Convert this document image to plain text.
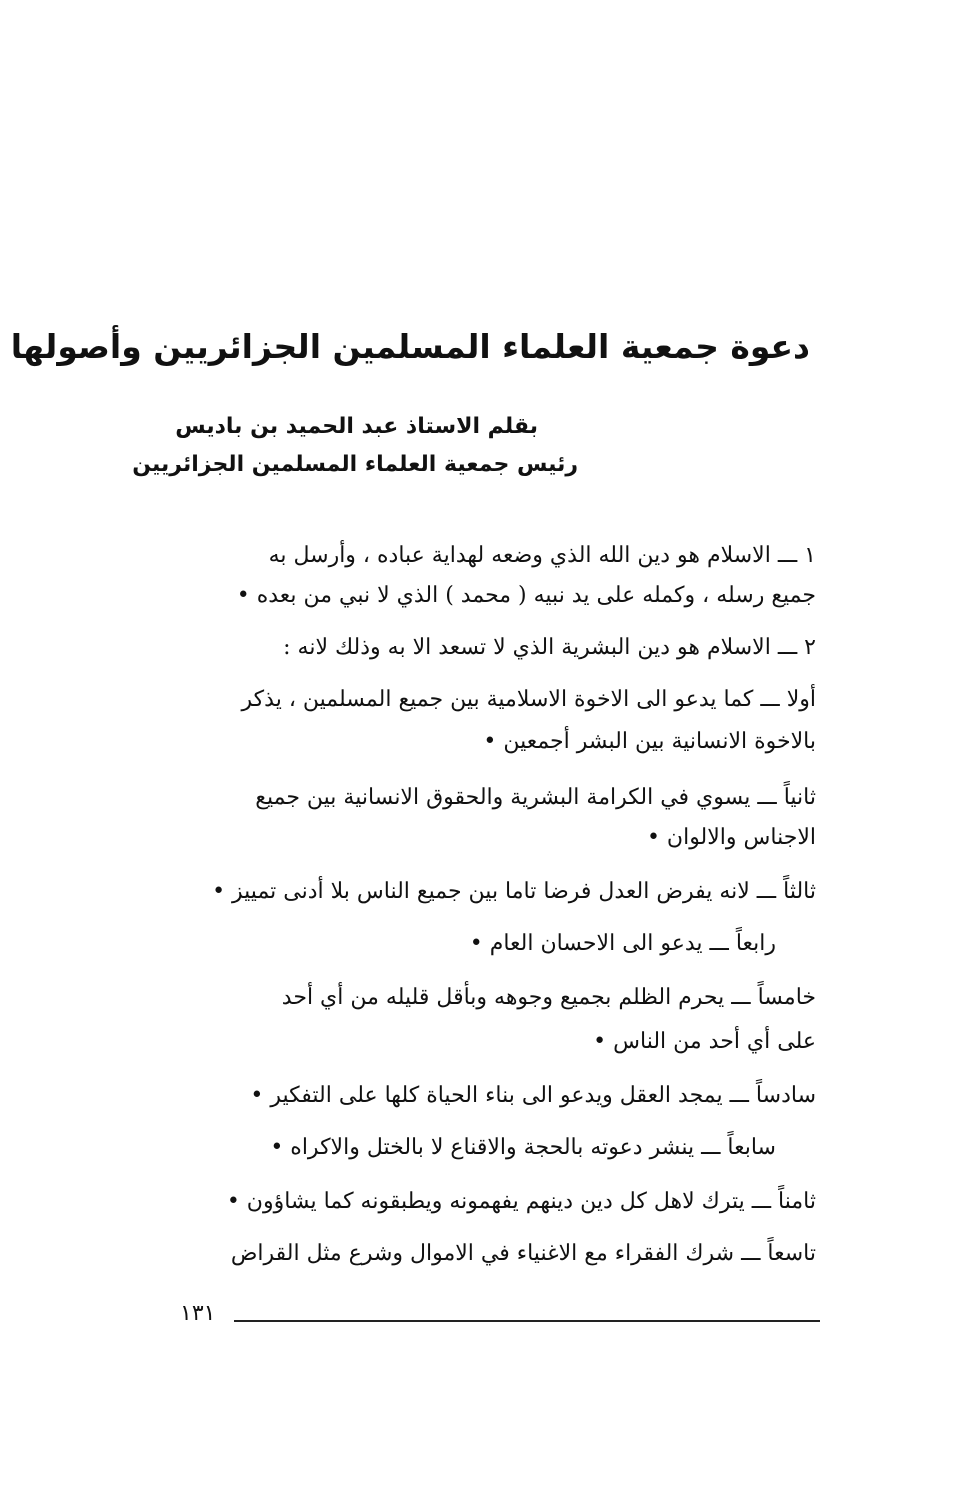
دعوة جمعية العلماء المسلمين الجزائريين وأصولها
بقلم الاستاذ عبد الحميد بن باديس
رئيس جمعية العلماء المسلمين الجزائريين
١ ـــ الاسلام هو دين الله الذي وضعه لهداية عباده ، وأرسل به
جميع رسله ، وكمله على يد نبيه ( محمد ) الذي لا نبي من بعده •
٢ ـــ الاسلام هو دين البشرية الذي لا تسعد الا به وذلك لانه :
أولا ـــ كما يدعو الى الاخوة الاسلامية بين جميع المسلمين ، يذكر
بالاخوة الانسانية بين البشر أجمعين •
ثانياً ـــ يسوي في الكرامة البشرية والحقوق الانسانية بين جميع
الاجناس والالوان •
ثالثاً ـــ لانه يفرض العدل فرضا تاما بين جميع الناس بلا أدنى تمييز •
رابعاً ـــ يدعو الى الاحسان العام •
خامساً ـــ يحرم الظلم بجميع وجوهه وبأقل قليله من أي أحد
على أي أحد من الناس •
سادساً ـــ يمجد العقل ويدعو الى بناء الحياة كلها على التفكير •
سابعاً ـــ ينشر دعوته بالحجة والاقناع لا بالختل والاكراه •
ثامناً ـــ يترك لاهل كل دين دينهم يفهمونه ويطبقونه كما يشاؤون •
تاسعاً ـــ شرك الفقراء مع الاغنياء في الاموال وشرع مثل القراض
١٣١
